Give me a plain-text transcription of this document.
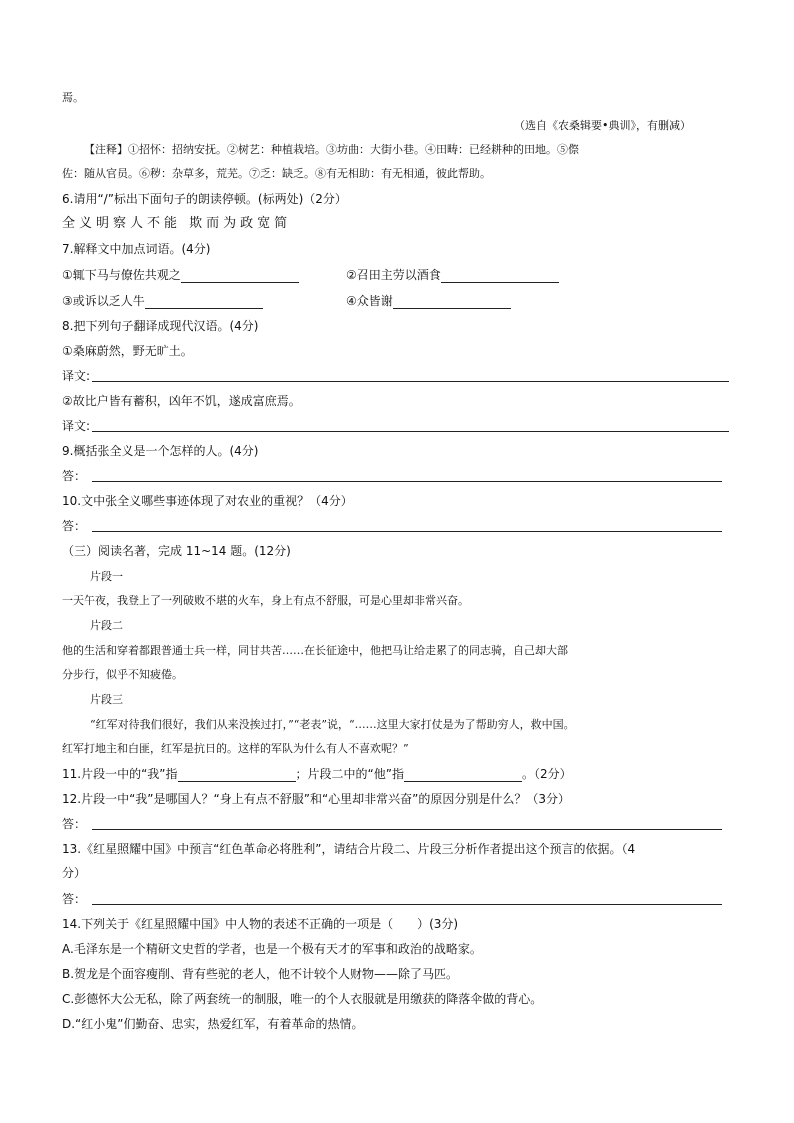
焉。
（选自《农桑辑要•典训》，有删减）
【注释】①招怀：招纳安抚。②树艺：种植栽培。③坊曲：大街小巷。④田畴：已经耕种的田地。⑤傺
佐：随从官员。⑥秽：杂草多，荒芜。⑦乏：缺乏。⑧有无相助：有无相通，彼此帮助。
6.请用“/”标出下面句子的朗读停顿。(标两处)（2分）
全义明察人不能 欺而为政宽简
7.解释文中加点词语。(4分)
①辄下马与僚佐共观之	②召田主劳以酒食
③或诉以乏人牛	④众皆谢
8.把下列句子翻译成现代汉语。(4分)
①桑麻蔚然，野无旷土。
译文:
②故比户皆有蓄积，凶年不饥，遂成富庶焉。
译文:
9.概括张全义是一个怎样的人。(4分)
答：
10.文中张全义哪些事迹体现了对农业的重视？（4分）
答：
（三）阅读名著，完成 11~14 题。(12分)
片段一
一天午夜，我登上了一列破败不堪的火车，身上有点不舒服，可是心里却非常兴奋。
片段二
他的生活和穿着都跟普通士兵一样，同甘共苦……在长征途中，他把马让给走累了的同志骑，自己却大部
分步行，似乎不知疲倦。
片段三
“红军对待我们很好，我们从来没挨过打，”“老表”说，“……这里大家打仗是为了帮助穷人，救中国。
红军打地主和白匪，红军是抗日的。这样的军队为什么有人不喜欢呢？”
11.片段一中的“我”指	；片段二中的“他”指	。（2分）
12.片段一中“我”是哪国人？“身上有点不舒服”和“心里却非常兴奋”的原因分别是什么？（3分）
答：
13.《红星照耀中国》中预言“红色革命必将胜利”，请结合片段二、片段三分析作者提出这个预言的依据。（4
分）
答：
14.下列关于《红星照耀中国》中人物的表述不正确的一项是（　　）(3分)
A.毛泽东是一个精研文史哲的学者，也是一个极有天才的军事和政治的战略家。
B.贺龙是个面容瘦削、背有些驼的老人，他不计较个人财物——除了马匹。
C.彭德怀大公无私，除了两套统一的制服，唯一的个人衣服就是用缴获的降落伞做的背心。
D.“红小鬼”们勤奋、忠实，热爱红军，有着革命的热情。
